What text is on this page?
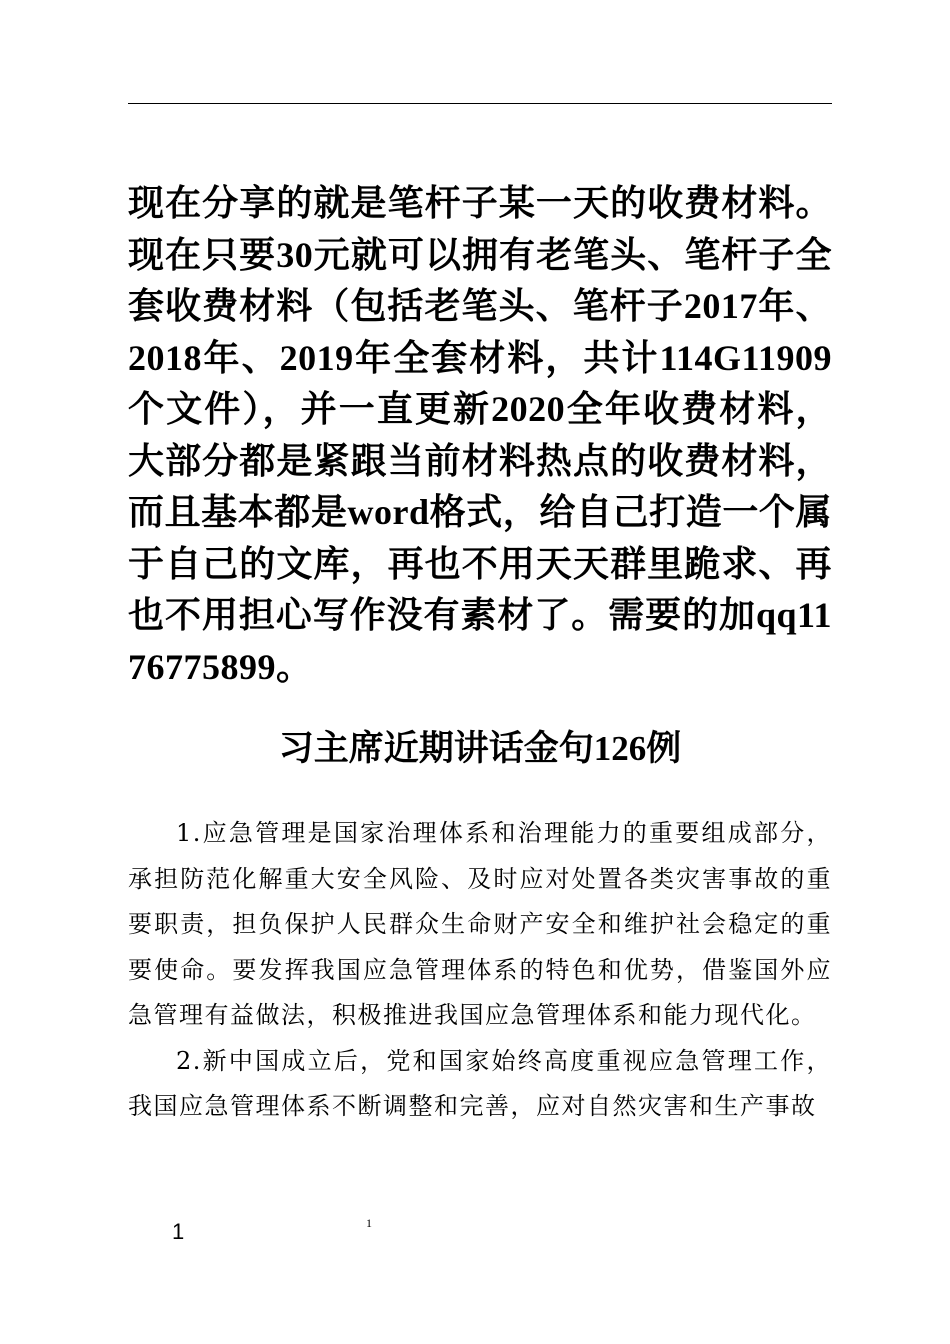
现在分享的就是笔杆子某一天的收费材料。现在只要30元就可以拥有老笔头、笔杆子全套收费材料（包括老笔头、笔杆子2017年、2018年、2019年全套材料，共计114G11909个文件），并一直更新2020全年收费材料，大部分都是紧跟当前材料热点的收费材料，而且基本都是word格式，给自己打造一个属于自己的文库，再也不用天天群里跪求、再也不用担心写作没有素材了。需要的加qq1176775899。

习主席近期讲话金句126例

1.应急管理是国家治理体系和治理能力的重要组成部分，承担防范化解重大安全风险、及时应对处置各类灾害事故的重要职责，担负保护人民群众生命财产安全和维护社会稳定的重要使命。要发挥我国应急管理体系的特色和优势，借鉴国外应急管理有益做法，积极推进我国应急管理体系和能力现代化。

2.新中国成立后，党和国家始终高度重视应急管理工作，我国应急管理体系不断调整和完善，应对自然灾害和生产事故

1	1
